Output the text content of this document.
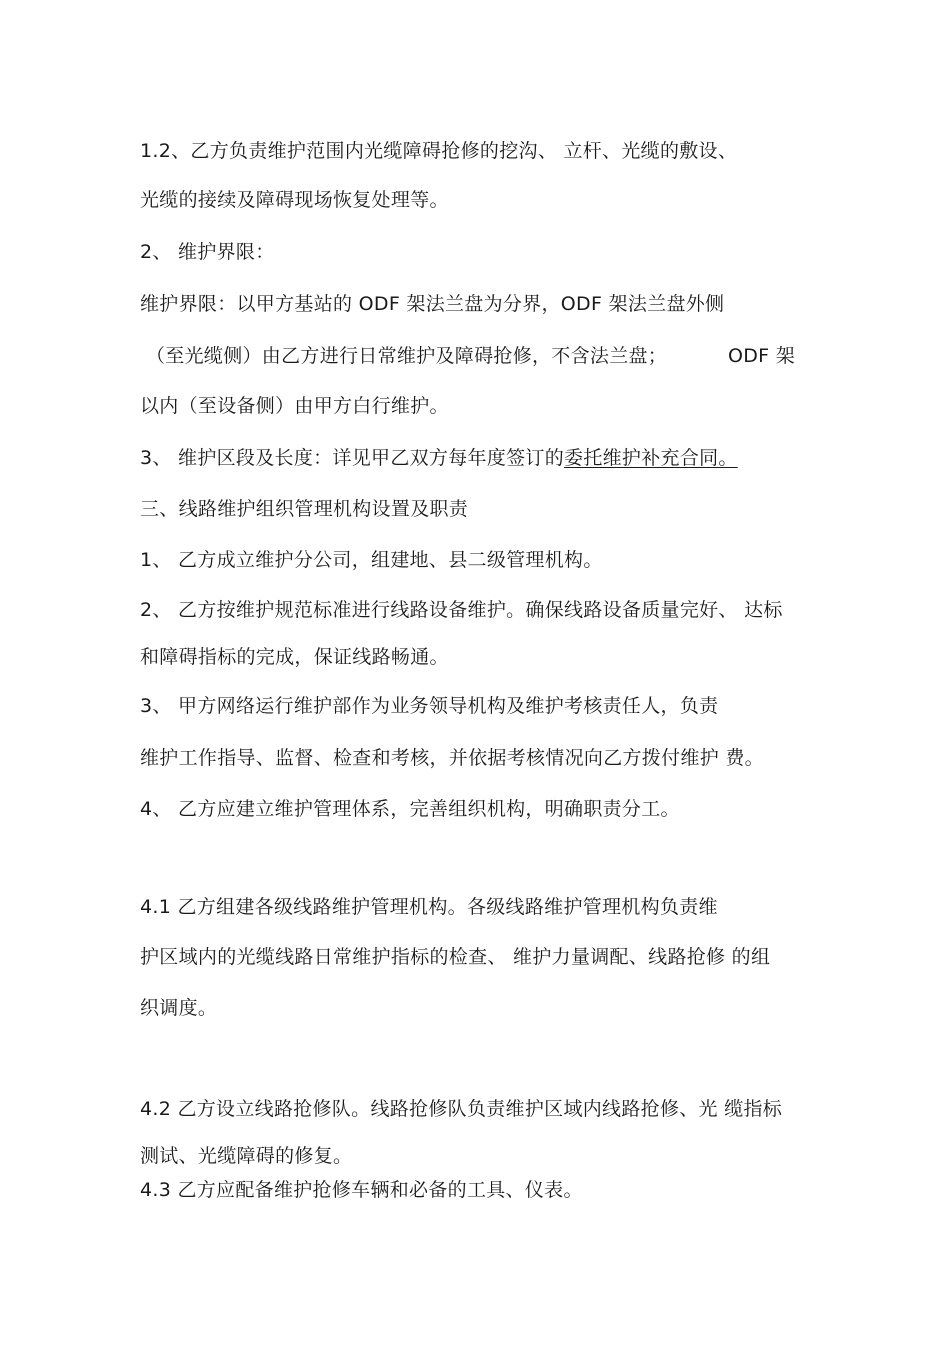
1.2、乙方负责维护范围内光缆障碍抢修的挖沟、 立杆、光缆的敷设、
光缆的接续及障碍现场恢复处理等。
2、 维护界限：
维护界限：以甲方基站的 ODF 架法兰盘为分界，ODF 架法兰盘外侧
（至光缆侧）由乙方进行日常维护及障碍抢修，不含法兰盘；	ODF 架
以内（至设备侧）由甲方白行维护。
3、 维护区段及长度：详见甲乙双方每年度签订的委托维护补充合同。
三、线路维护组织管理机构设置及职责
1、 乙方成立维护分公司，组建地、县二级管理机构。
2、 乙方按维护规范标准进行线路设备维护。确保线路设备质量完好、 达标
和障碍指标的完成，保证线路畅通。
3、 甲方网络运行维护部作为业务领导机构及维护考核责任人，负责
维护工作指导、监督、检查和考核，并依据考核情况向乙方拨付维护 费。
4、 乙方应建立维护管理体系，完善组织机构，明确职责分工。
4.1 乙方组建各级线路维护管理机构。各级线路维护管理机构负责维
护区域内的光缆线路日常维护指标的检查、 维护力量调配、线路抢修 的组
织调度。
4.2 乙方设立线路抢修队。线路抢修队负责维护区域内线路抢修、光 缆指标
测试、光缆障碍的修复。
4.3 乙方应配备维护抢修车辆和必备的工具、仪表。
